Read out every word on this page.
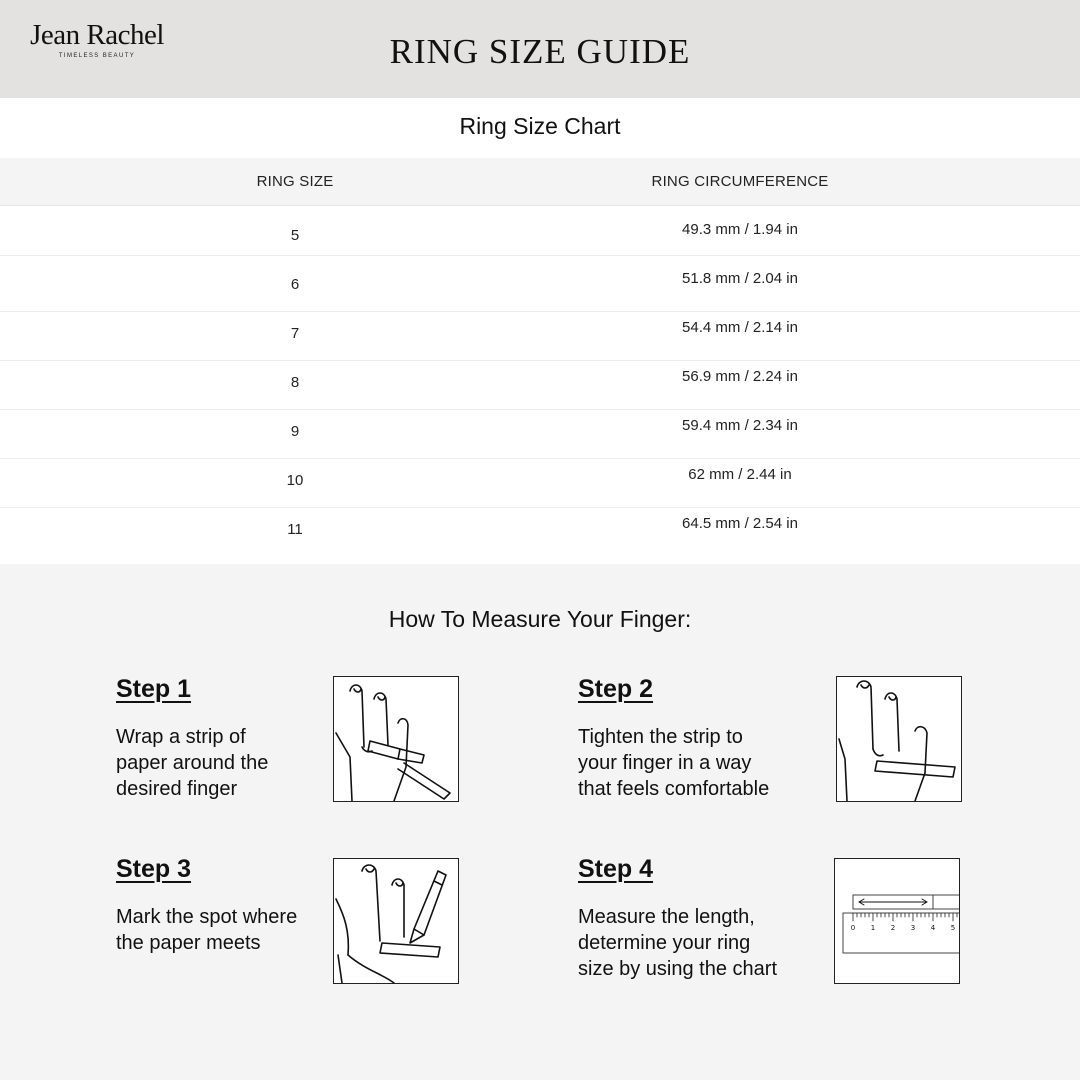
Jean Rachel
TIMELESS BEAUTY	RING SIZE GUIDE
Ring Size Chart
RING SIZE	RING CIRCUMFERENCE
5	49.3 mm / 1.94 in
6	51.8 mm / 2.04 in
7	54.4 mm / 2.14 in
8	56.9 mm / 2.24 in
9	59.4 mm / 2.34 in
10	62 mm / 2.44 in
11	64.5 mm / 2.54 in
How To Measure Your Finger:
Step 1
Wrap a strip of
paper around the
desired finger
Step 2
Tighten the strip to
your finger in a way
that feels comfortable
Step 3
Mark the spot where
the paper meets
Step 4
Measure the length,
determine your ring
size by using the chart
0 1 2 3 4 5
